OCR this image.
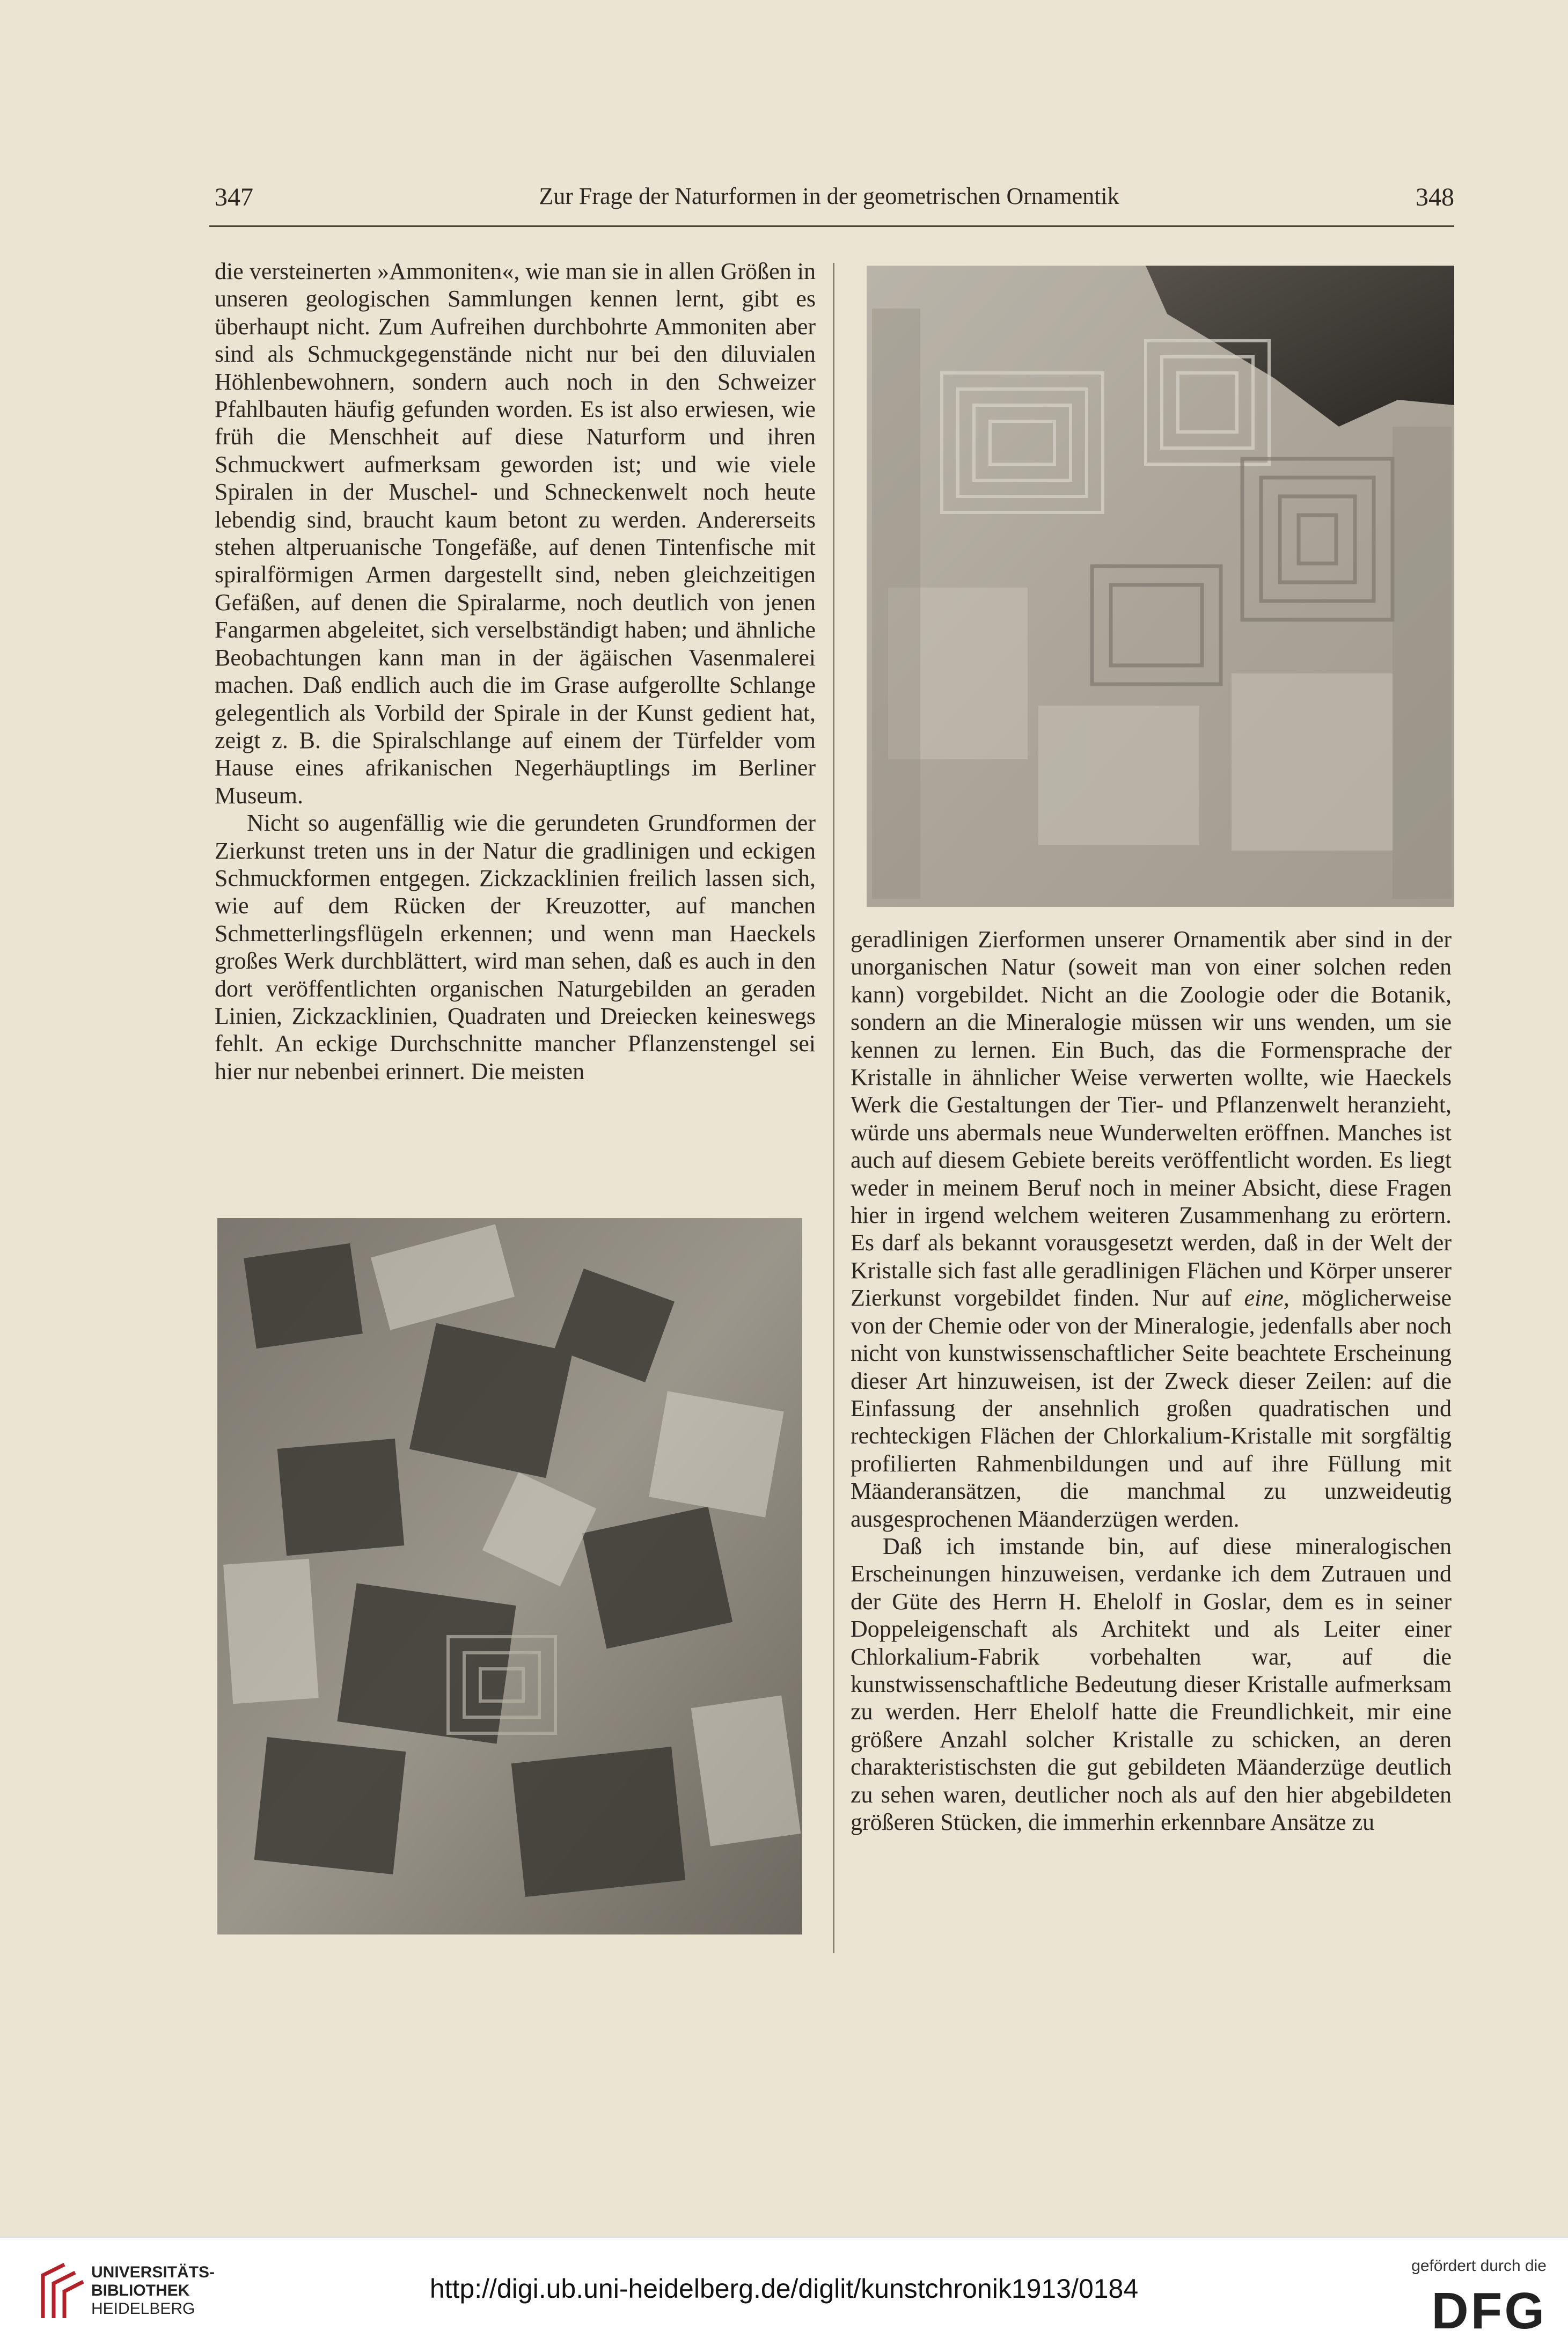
347	Zur Frage der Naturformen in der geometrischen Ornamentik	348

die versteinerten »Ammoniten«, wie man sie in allen Größen in unseren geologischen Sammlungen kennen lernt, gibt es überhaupt nicht. Zum Aufreihen durchbohrte Ammoniten aber sind als Schmuckgegenstände nicht nur bei den diluvialen Höhlenbewohnern, sondern auch noch in den Schweizer Pfahlbauten häufig gefunden worden. Es ist also erwiesen, wie früh die Menschheit auf diese Naturform und ihren Schmuckwert aufmerksam geworden ist; und wie viele Spiralen in der Muschel- und Schneckenwelt noch heute lebendig sind, braucht kaum betont zu werden. Andererseits stehen altperuanische Tongefäße, auf denen Tintenfische mit spiralförmigen Armen dargestellt sind, neben gleichzeitigen Gefäßen, auf denen die Spiralarme, noch deutlich von jenen Fangarmen abgeleitet, sich verselbständigt haben; und ähnliche Beobachtungen kann man in der ägäischen Vasenmalerei machen. Daß endlich auch die im Grase aufgerollte Schlange gelegentlich als Vorbild der Spirale in der Kunst gedient hat, zeigt z. B. die Spiralschlange auf einem der Türfelder vom Hause eines afrikanischen Negerhäuptlings im Berliner Museum.

Nicht so augenfällig wie die gerundeten Grundformen der Zierkunst treten uns in der Natur die gradlinigen und eckigen Schmuckformen entgegen. Zickzacklinien freilich lassen sich, wie auf dem Rücken der Kreuzotter, auf manchen Schmetterlingsflügeln erkennen; und wenn man Haeckels großes Werk durchblättert, wird man sehen, daß es auch in den dort veröffentlichten organischen Naturgebilden an geraden Linien, Zickzacklinien, Quadraten und Dreiecken keineswegs fehlt. An eckige Durchschnitte mancher Pflanzenstengel sei hier nur nebenbei erinnert. Die meisten

geradlinigen Zierformen unserer Ornamentik aber sind in der unorganischen Natur (soweit man von einer solchen reden kann) vorgebildet. Nicht an die Zoologie oder die Botanik, sondern an die Mineralogie müssen wir uns wenden, um sie kennen zu lernen. Ein Buch, das die Formensprache der Kristalle in ähnlicher Weise verwerten wollte, wie Haeckels Werk die Gestaltungen der Tier- und Pflanzenwelt heranzieht, würde uns abermals neue Wunderwelten eröffnen. Manches ist auch auf diesem Gebiete bereits veröffentlicht worden. Es liegt weder in meinem Beruf noch in meiner Absicht, diese Fragen hier in irgend welchem weiteren Zusammenhang zu erörtern. Es darf als bekannt vorausgesetzt werden, daß in der Welt der Kristalle sich fast alle geradlinigen Flächen und Körper unserer Zierkunst vorgebildet finden. Nur auf eine, möglicherweise von der Chemie oder von der Mineralogie, jedenfalls aber noch nicht von kunstwissenschaftlicher Seite beachtete Erscheinung dieser Art hinzuweisen, ist der Zweck dieser Zeilen: auf die Einfassung der ansehnlich großen quadratischen und rechteckigen Flächen der Chlorkalium-Kristalle mit sorgfältig profilierten Rahmenbildungen und auf ihre Füllung mit Mäanderansätzen, die manchmal zu unzweideutig ausgesprochenen Mäanderzügen werden.

Daß ich imstande bin, auf diese mineralogischen Erscheinungen hinzuweisen, verdanke ich dem Zutrauen und der Güte des Herrn H. Ehelolf in Goslar, dem es in seiner Doppeleigenschaft als Architekt und als Leiter einer Chlorkalium-Fabrik vorbehalten war, auf die kunstwissenschaftliche Bedeutung dieser Kristalle aufmerksam zu werden. Herr Ehelolf hatte die Freundlichkeit, mir eine größere Anzahl solcher Kristalle zu schicken, an deren charakteristischsten die gut gebildeten Mäanderzüge deutlich zu sehen waren, deutlicher noch als auf den hier abgebildeten größeren Stücken, die immerhin erkennbare Ansätze zu

UNIVERSITÄTS-
BIBLIOTHEK
HEIDELBERG
http://digi.ub.uni-heidelberg.de/diglit/kunstchronik1913/0184
gefördert durch die
DFG
